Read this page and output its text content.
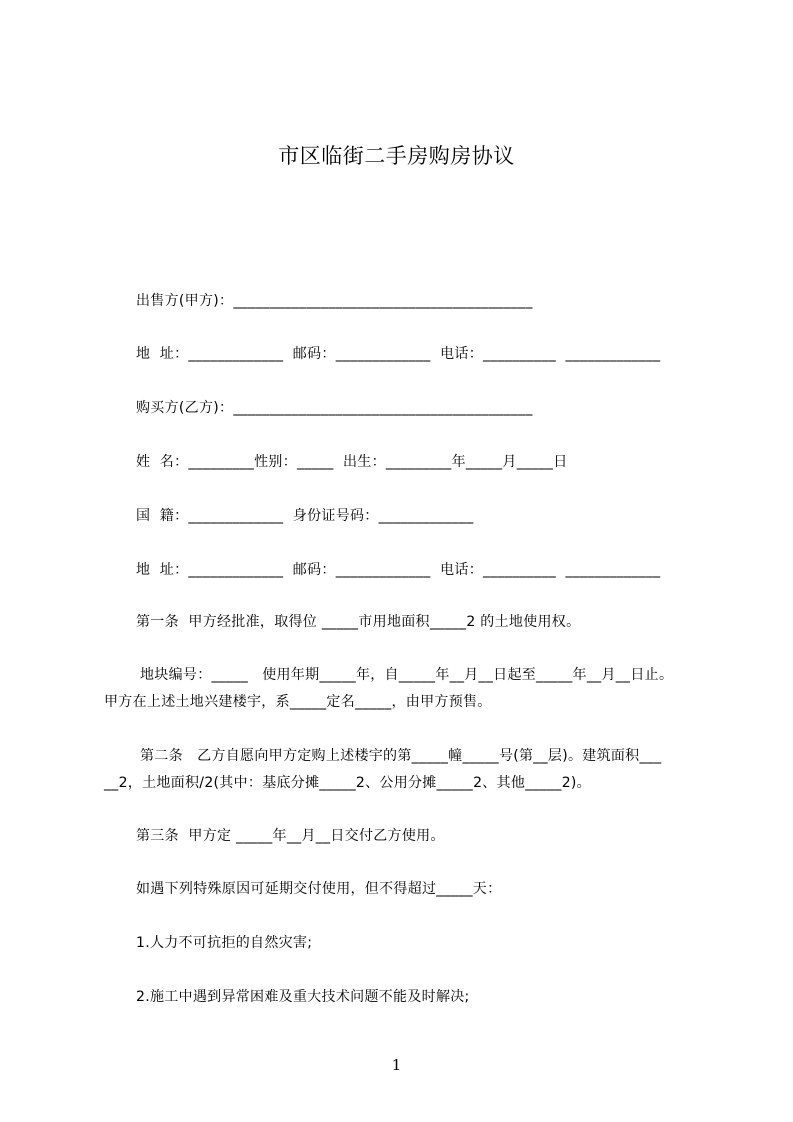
市区临街二手房购房协议
出售方(甲方)：_________________________________________
地  址：_____________  邮码：_____________  电话：__________  _____________
购买方(乙方)：_________________________________________
姓  名：_________性别：_____  出生：_________年_____月_____日
国  籍：_____________  身份证号码：_____________
地  址：_____________  邮码：_____________  电话：__________  _____________
第一条  甲方经批准，取得位 _____市用地面积_____2 的土地使用权。
地块编号：_____   使用年期_____年，自_____年__月__日起至_____年__月__日止。
甲方在上述土地兴建楼宇，系_____定名_____，由甲方预售。
第二条   乙方自愿向甲方定购上述楼宇的第_____幢_____号(第__层)。建筑面积___
__2，土地面积/2(其中：基底分摊_____2、公用分摊_____2、其他_____2)。
第三条  甲方定 _____年__月__日交付乙方使用。
如遇下列特殊原因可延期交付使用，但不得超过_____天：
1.人力不可抗拒的自然灾害;
2.施工中遇到异常困难及重大技术问题不能及时解决;
1
